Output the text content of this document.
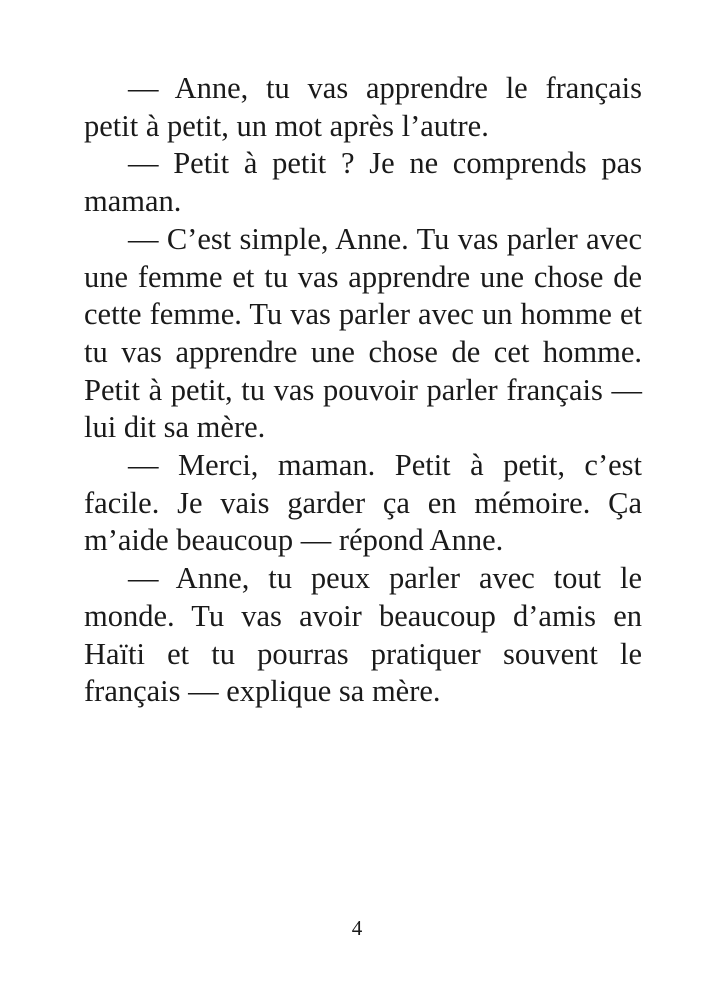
— Anne, tu vas apprendre le français petit à petit, un mot après l’autre.

— Petit à petit ? Je ne comprends pas maman.

— C’est simple, Anne. Tu vas parler avec une femme et tu vas apprendre une chose de cette femme. Tu vas parler avec un homme et tu vas apprendre une chose de cet homme. Petit à petit, tu vas pouvoir parler français — lui dit sa mère.

— Merci, maman. Petit à petit, c’est facile. Je vais garder ça en mémoire. Ça m’aide beaucoup — répond Anne.

— Anne, tu peux parler avec tout le monde. Tu vas avoir beaucoup d’amis en Haïti et tu pourras pratiquer souvent le français — explique sa mère.

4
